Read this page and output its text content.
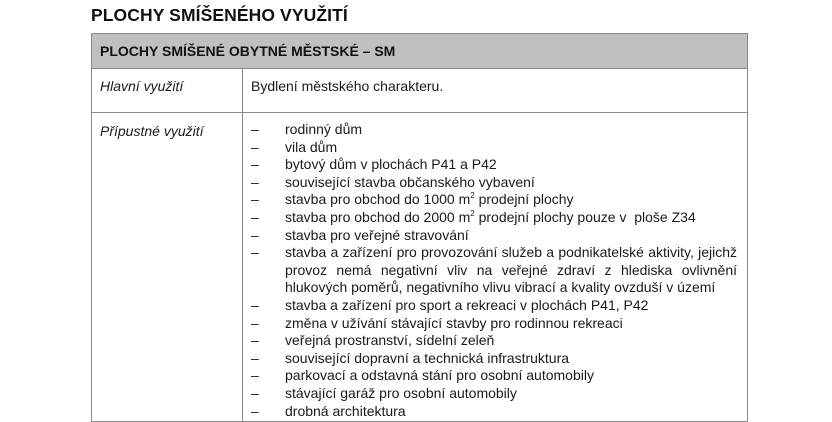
PLOCHY SMÍŠENÉHO VYUŽITÍ
PLOCHY SMÍŠENÉ OBYTNÉ MĚSTSKÉ – SM	
Hlavní využití	Bydlení městského charakteru.
Přípustné využití	– rodinný dům
– vila dům
– bytový dům v plochách P41 a P42
– související stavba občanského vybavení
– stavba pro obchod do 1000 $m^2$ prodejní plochy
– stavba pro obchod do 2000 $m^2$ prodejní plochy pouze v  ploše Z34
– stavba pro veřejné stravování
– stavba a zařízení pro provozování služeb a podnikatelské aktivity, jejichž provoz nemá negativní vliv na veřejné zdraví z hlediska ovlivnění hlukových poměrů, negativního vlivu vibrací a kvality ovzduší v území
– stavba a zařízení pro sport a rekreaci v plochách P41, P42
– změna v užívání stávající stavby pro rodinnou rekreaci
– veřejná prostranství, sídelní zeleň
– související dopravní a technická infrastruktura
– parkovací a odstavná stání pro osobní automobily
– stávající garáž pro osobní automobily
– drobná architektura
